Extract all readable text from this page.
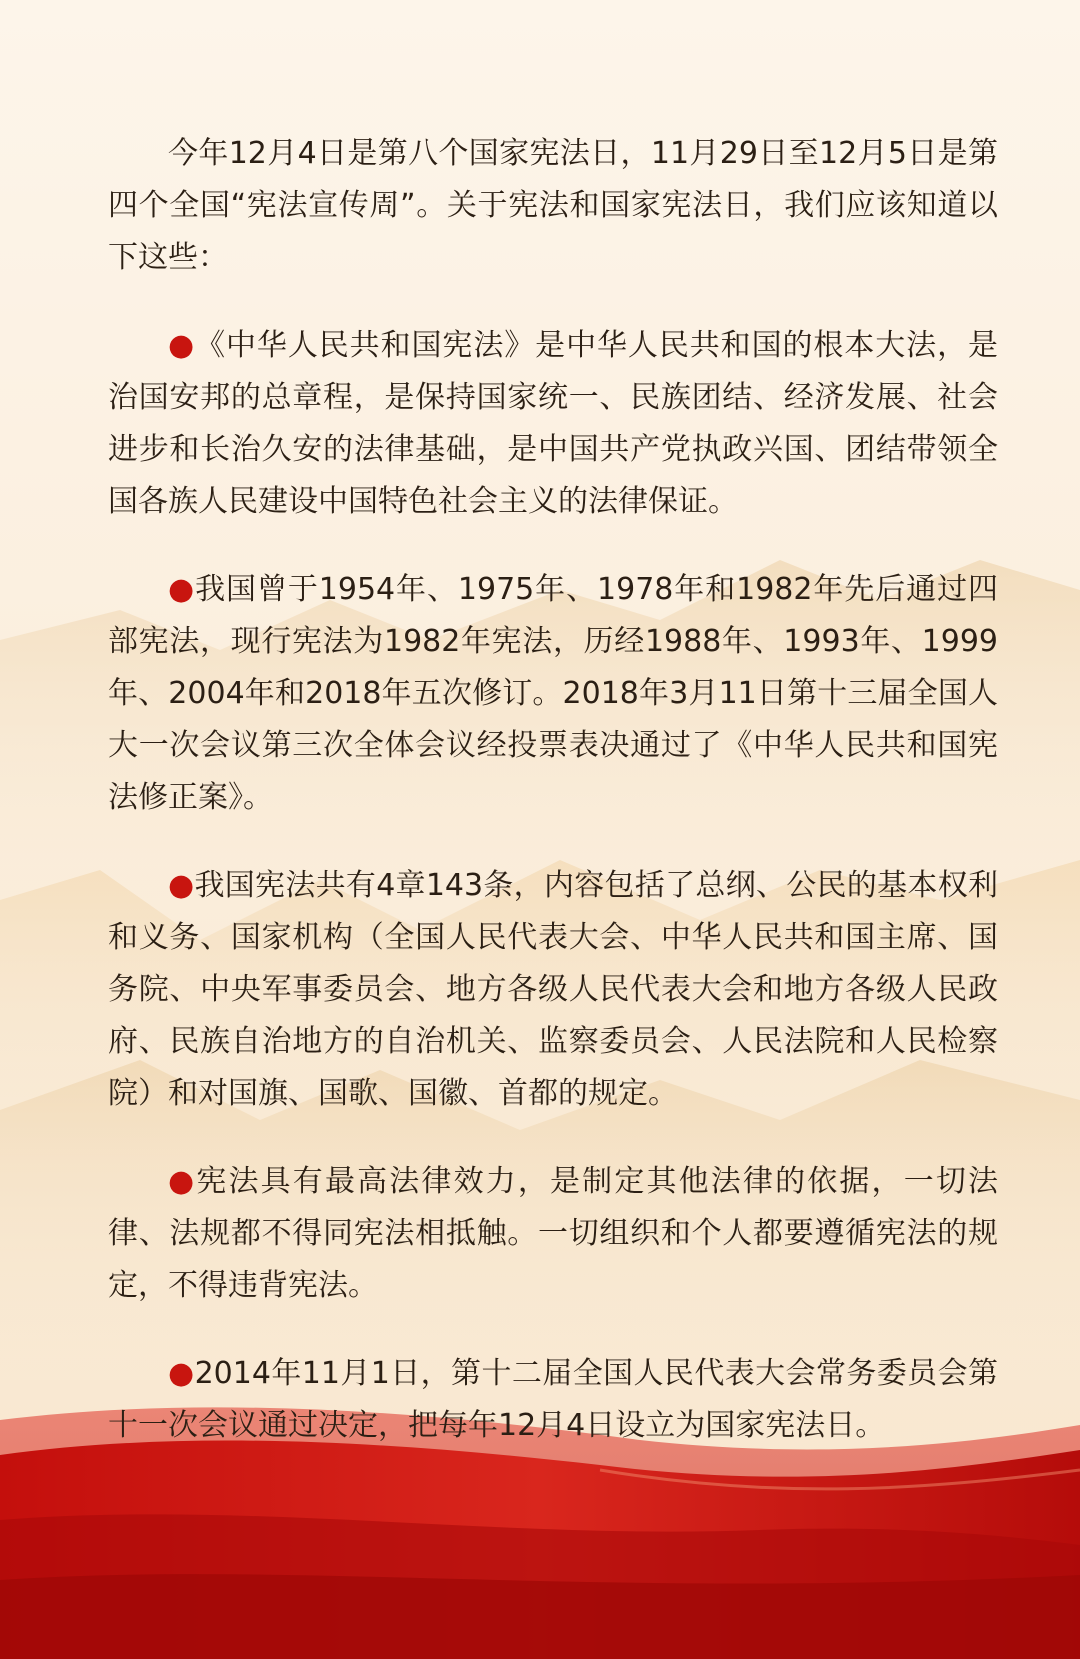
今年12月4日是第八个国家宪法日，11月29日至12月5日是第四个全国“宪法宣传周”。关于宪法和国家宪法日，我们应该知道以下这些：

●《中华人民共和国宪法》是中华人民共和国的根本大法，是治国安邦的总章程，是保持国家统一、民族团结、经济发展、社会进步和长治久安的法律基础，是中国共产党执政兴国、团结带领全国各族人民建设中国特色社会主义的法律保证。

●我国曾于1954年、1975年、1978年和1982年先后通过四部宪法，现行宪法为1982年宪法，历经1988年、1993年、1999年、2004年和2018年五次修订。2018年3月11日第十三届全国人大一次会议第三次全体会议经投票表决通过了《中华人民共和国宪法修正案》。

●我国宪法共有4章143条，内容包括了总纲、公民的基本权利和义务、国家机构（全国人民代表大会、中华人民共和国主席、国务院、中央军事委员会、地方各级人民代表大会和地方各级人民政府、民族自治地方的自治机关、监察委员会、人民法院和人民检察院）和对国旗、国歌、国徽、首都的规定。

●宪法具有最高法律效力，是制定其他法律的依据，一切法律、法规都不得同宪法相抵触。一切组织和个人都要遵循宪法的规定，不得违背宪法。

●2014年11月1日，第十二届全国人民代表大会常务委员会第十一次会议通过决定，把每年12月4日设立为国家宪法日。
